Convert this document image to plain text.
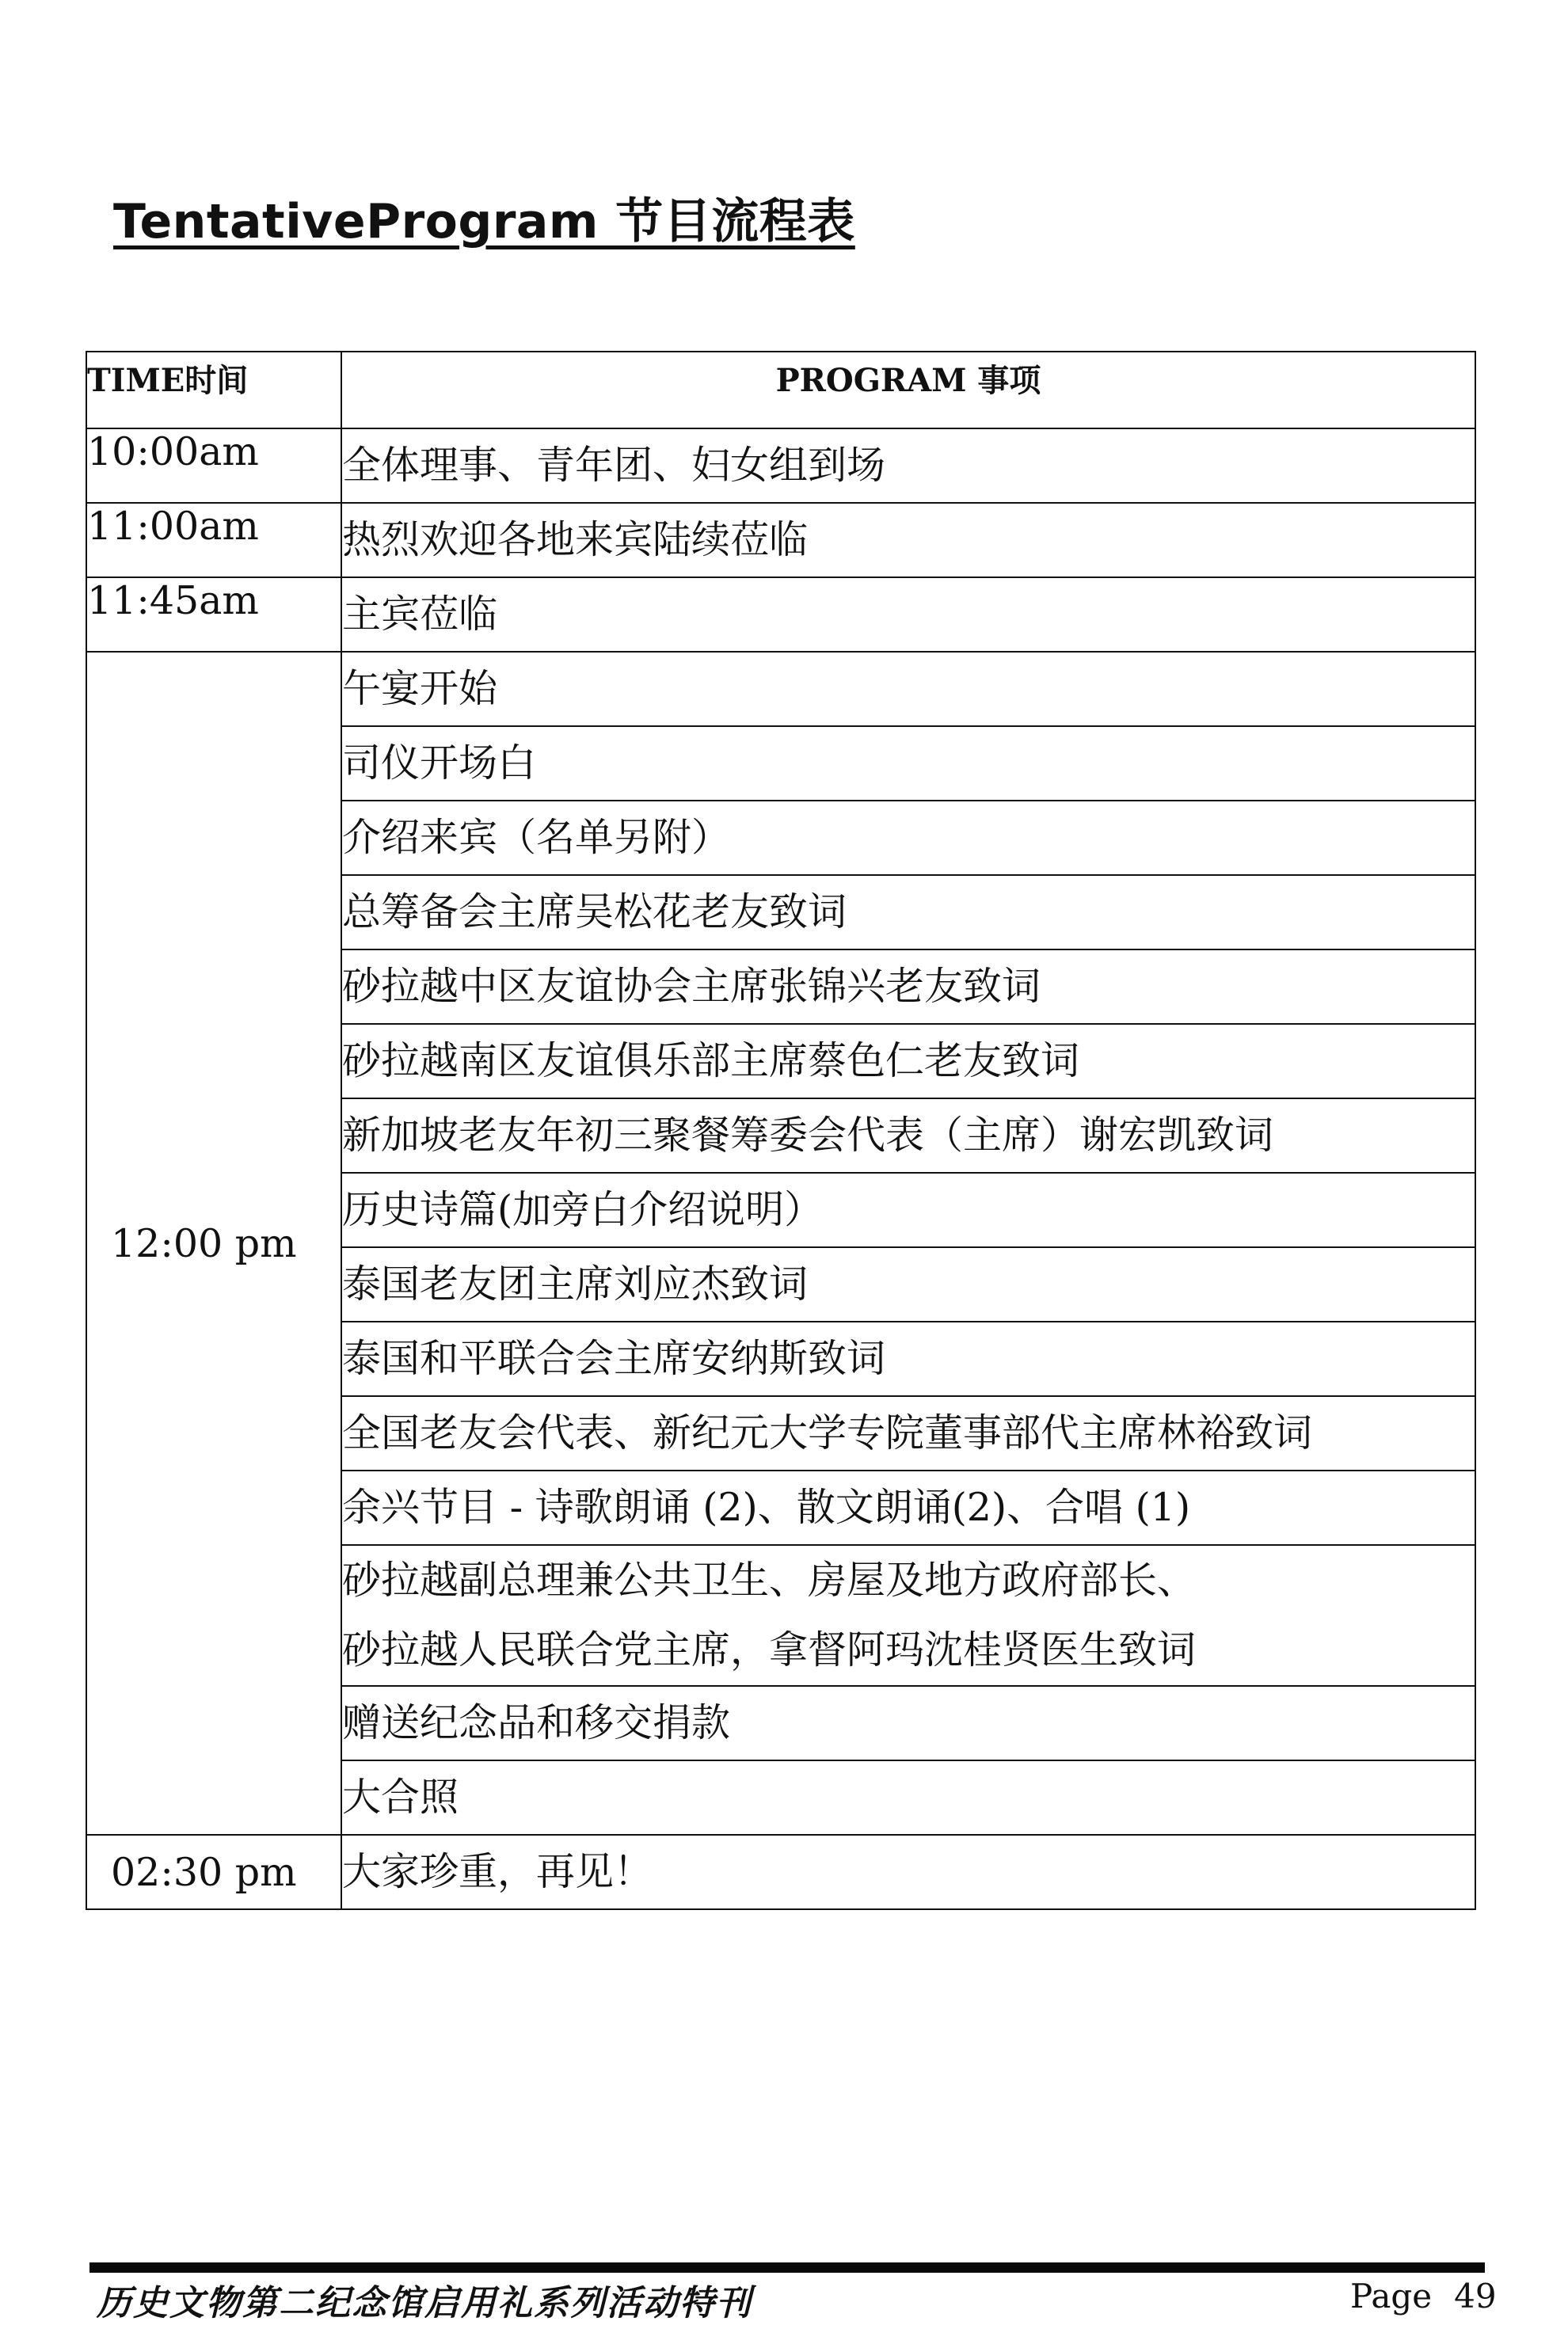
TentativeProgram 节目流程表
TIME时间	PROGRAM 事项
10:00am	全体理事、青年团、妇女组到场
11:00am	热烈欢迎各地来宾陆续莅临
11:45am	主宾莅临
12:00 pm	午宴开始
	司仪开场白
	介绍来宾（名单另附）
	总筹备会主席吴松花老友致词
	砂拉越中区友谊协会主席张锦兴老友致词
	砂拉越南区友谊俱乐部主席蔡色仁老友致词
	新加坡老友年初三聚餐筹委会代表（主席）谢宏凯致词
	历史诗篇(加旁白介绍说明）
	泰国老友团主席刘应杰致词
	泰国和平联合会主席安纳斯致词
	全国老友会代表、新纪元大学专院董事部代主席林裕致词
	余兴节目 - 诗歌朗诵 (2)、散文朗诵(2)、合唱 (1)

	砂拉越副总理兼公共卫生、房屋及地方政府部长、
砂拉越人民联合党主席，拿督阿玛沈桂贤医生致词

	赠送纪念品和移交捐款
	大合照
02:30 pm	大家珍重，再见！
历史文物第二纪念馆启用礼系列活动特刊	Page 49
